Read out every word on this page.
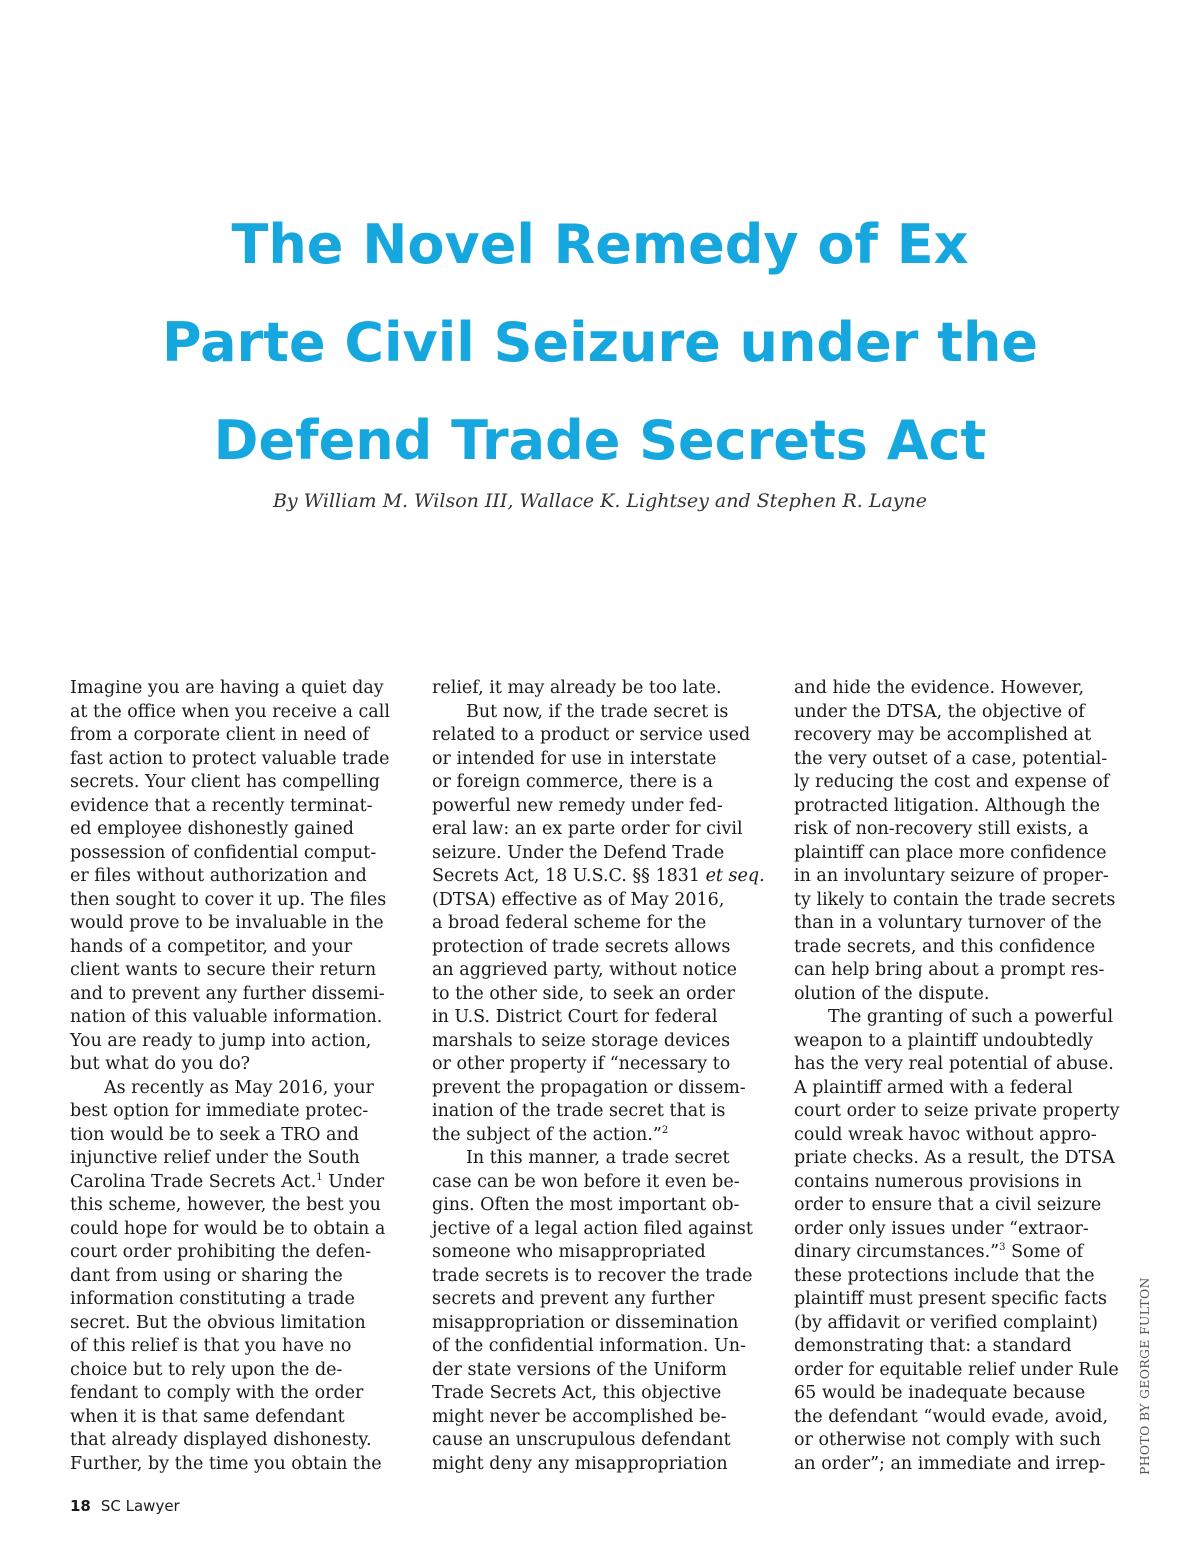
The Novel Remedy of Ex
Parte Civil Seizure under the
Defend Trade Secrets Act

By William M. Wilson III, Wallace K. Lightsey and Stephen R. Layne

Imagine you are having a quiet day
at the office when you receive a call
from a corporate client in need of
fast action to protect valuable trade
secrets. Your client has compelling
evidence that a recently terminat-
ed employee dishonestly gained
possession of confidential comput-
er files without authorization and
then sought to cover it up. The files
would prove to be invaluable in the
hands of a competitor, and your
client wants to secure their return
and to prevent any further dissemi-
nation of this valuable information.
You are ready to jump into action,
but what do you do?
As recently as May 2016, your
best option for immediate protec-
tion would be to seek a TRO and
injunctive relief under the South
Carolina Trade Secrets Act.$^1$ Under
this scheme, however, the best you
could hope for would be to obtain a
court order prohibiting the defen-
dant from using or sharing the
information constituting a trade
secret. But the obvious limitation
of this relief is that you have no
choice but to rely upon the de-
fendant to comply with the order
when it is that same defendant
that already displayed dishonesty.
Further, by the time you obtain the
relief, it may already be too late.
But now, if the trade secret is
related to a product or service used
or intended for use in interstate
or foreign commerce, there is a
powerful new remedy under fed-
eral law: an ex parte order for civil
seizure. Under the Defend Trade
Secrets Act, 18 U.S.C. §§ 1831 et seq.
(DTSA) effective as of May 2016,
a broad federal scheme for the
protection of trade secrets allows
an aggrieved party, without notice
to the other side, to seek an order
in U.S. District Court for federal
marshals to seize storage devices
or other property if “necessary to
prevent the propagation or dissem-
ination of the trade secret that is
the subject of the action.”$^2$
In this manner, a trade secret
case can be won before it even be-
gins. Often the most important ob-
jective of a legal action filed against
someone who misappropriated
trade secrets is to recover the trade
secrets and prevent any further
misappropriation or dissemination
of the confidential information. Un-
der state versions of the Uniform
Trade Secrets Act, this objective
might never be accomplished be-
cause an unscrupulous defendant
might deny any misappropriation
and hide the evidence. However,
under the DTSA, the objective of
recovery may be accomplished at
the very outset of a case, potential-
ly reducing the cost and expense of
protracted litigation. Although the
risk of non-recovery still exists, a
plaintiff can place more confidence
in an involuntary seizure of proper-
ty likely to contain the trade secrets
than in a voluntary turnover of the
trade secrets, and this confidence
can help bring about a prompt res-
olution of the dispute.
The granting of such a powerful
weapon to a plaintiff undoubtedly
has the very real potential of abuse.
A plaintiff armed with a federal
court order to seize private property
could wreak havoc without appro-
priate checks. As a result, the DTSA
contains numerous provisions in
order to ensure that a civil seizure
order only issues under “extraor-
dinary circumstances.”$^3$ Some of
these protections include that the
plaintiff must present specific facts
(by affidavit or verified complaint)
demonstrating that: a standard
order for equitable relief under Rule
65 would be inadequate because
the defendant “would evade, avoid,
or otherwise not comply with such
an order”; an immediate and irrep-	PHOTO BY GEORGE FULTON
18 SC Lawyer
